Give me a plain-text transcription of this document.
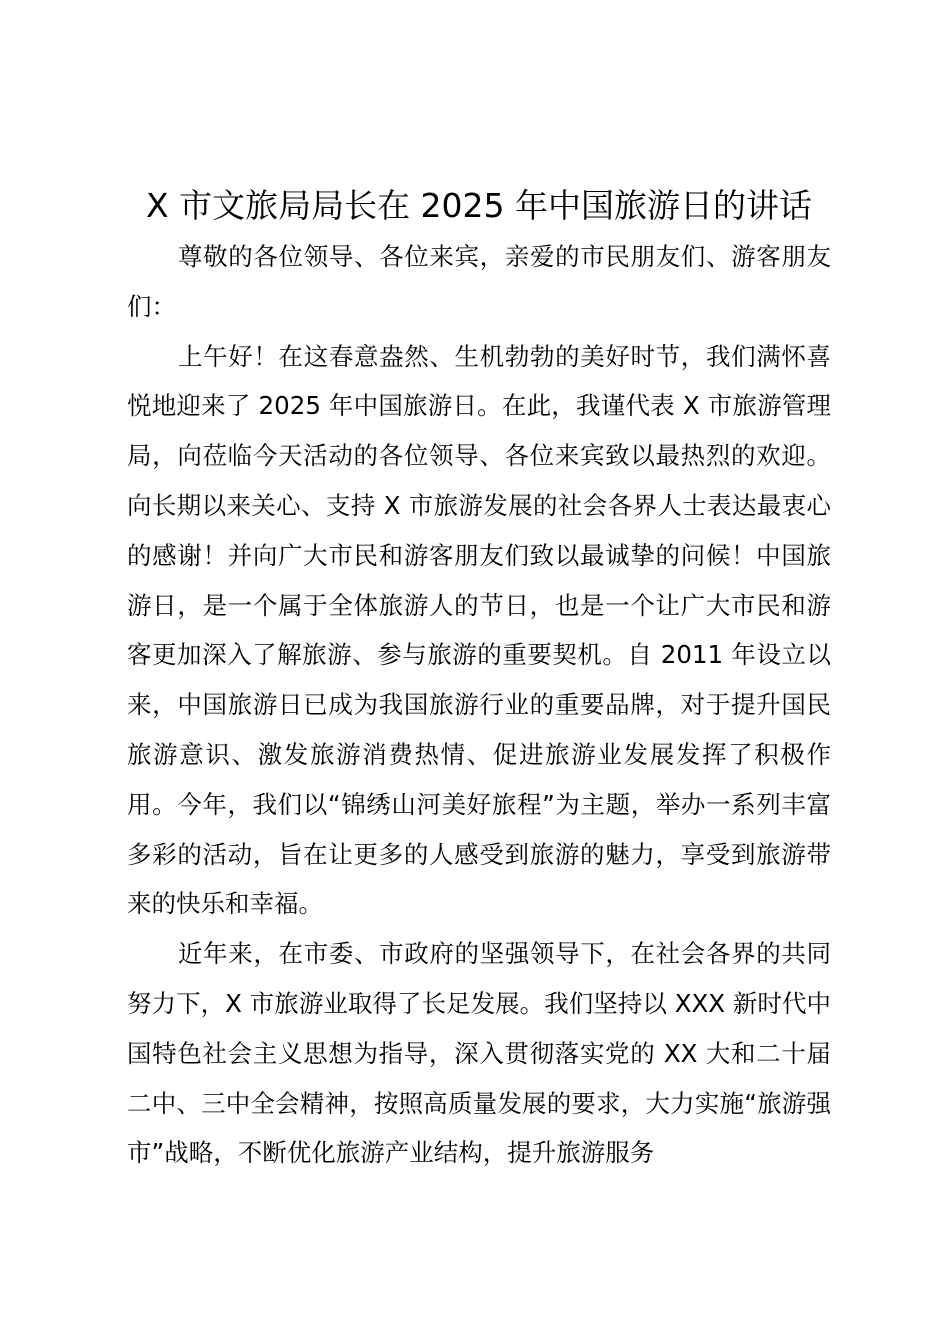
X 市文旅局局长在 2025 年中国旅游日的讲话

尊敬的各位领导、各位来宾，亲爱的市民朋友们、游客朋友们：

上午好！在这春意盎然、生机勃勃的美好时节，我们满怀喜悦地迎来了 2025 年中国旅游日。在此，我谨代表 X 市旅游管理局，向莅临今天活动的各位领导、各位来宾致以最热烈的欢迎。向长期以来关心、支持 X 市旅游发展的社会各界人士表达最衷心的感谢！并向广大市民和游客朋友们致以最诚挚的问候！中国旅游日，是一个属于全体旅游人的节日，也是一个让广大市民和游客更加深入了解旅游、参与旅游的重要契机。自 2011 年设立以来，中国旅游日已成为我国旅游行业的重要品牌，对于提升国民旅游意识、激发旅游消费热情、促进旅游业发展发挥了积极作用。今年，我们以“锦绣山河美好旅程”为主题，举办一系列丰富多彩的活动，旨在让更多的人感受到旅游的魅力，享受到旅游带来的快乐和幸福。

近年来，在市委、市政府的坚强领导下，在社会各界的共同努力下，X 市旅游业取得了长足发展。我们坚持以 XXX 新时代中国特色社会主义思想为指导，深入贯彻落实党的 XX 大和二十届二中、三中全会精神，按照高质量发展的要求，大力实施“旅游强市”战略，不断优化旅游产业结构，提升旅游服务
